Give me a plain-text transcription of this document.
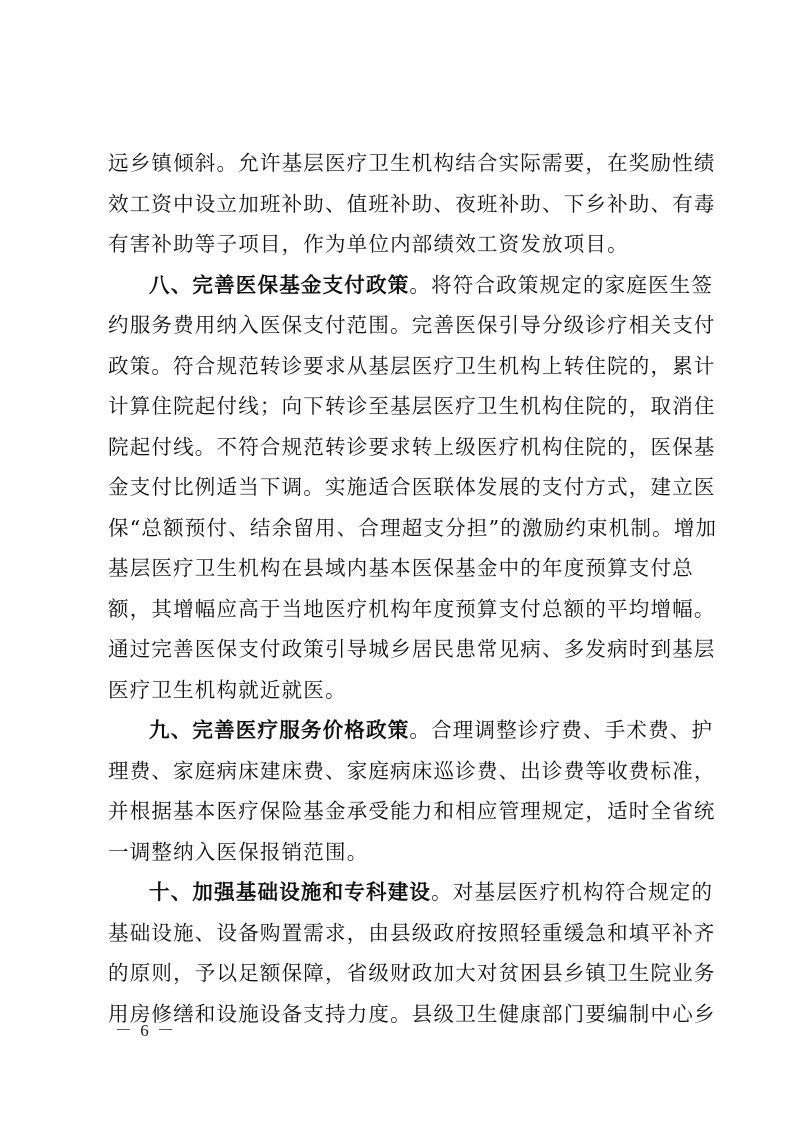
远乡镇倾斜。允许基层医疗卫生机构结合实际需要，在奖励性绩
效工资中设立加班补助、值班补助、夜班补助、下乡补助、有毒
有害补助等子项目，作为单位内部绩效工资发放项目。
八、完善医保基金支付政策。将符合政策规定的家庭医生签
约服务费用纳入医保支付范围。完善医保引导分级诊疗相关支付
政策。符合规范转诊要求从基层医疗卫生机构上转住院的，累计
计算住院起付线；向下转诊至基层医疗卫生机构住院的，取消住
院起付线。不符合规范转诊要求转上级医疗机构住院的，医保基
金支付比例适当下调。实施适合医联体发展的支付方式，建立医
保“总额预付、结余留用、合理超支分担”的激励约束机制。增加
基层医疗卫生机构在县域内基本医保基金中的年度预算支付总
额，其增幅应高于当地医疗机构年度预算支付总额的平均增幅。
通过完善医保支付政策引导城乡居民患常见病、多发病时到基层
医疗卫生机构就近就医。
九、完善医疗服务价格政策。合理调整诊疗费、手术费、护
理费、家庭病床建床费、家庭病床巡诊费、出诊费等收费标准，
并根据基本医疗保险基金承受能力和相应管理规定，适时全省统
一调整纳入医保报销范围。
十、加强基础设施和专科建设。对基层医疗机构符合规定的
基础设施、设备购置需求，由县级政府按照轻重缓急和填平补齐
的原则，予以足额保障，省级财政加大对贫困县乡镇卫生院业务
用房修缮和设施设备支持力度。县级卫生健康部门要编制中心乡
－ 6 －
